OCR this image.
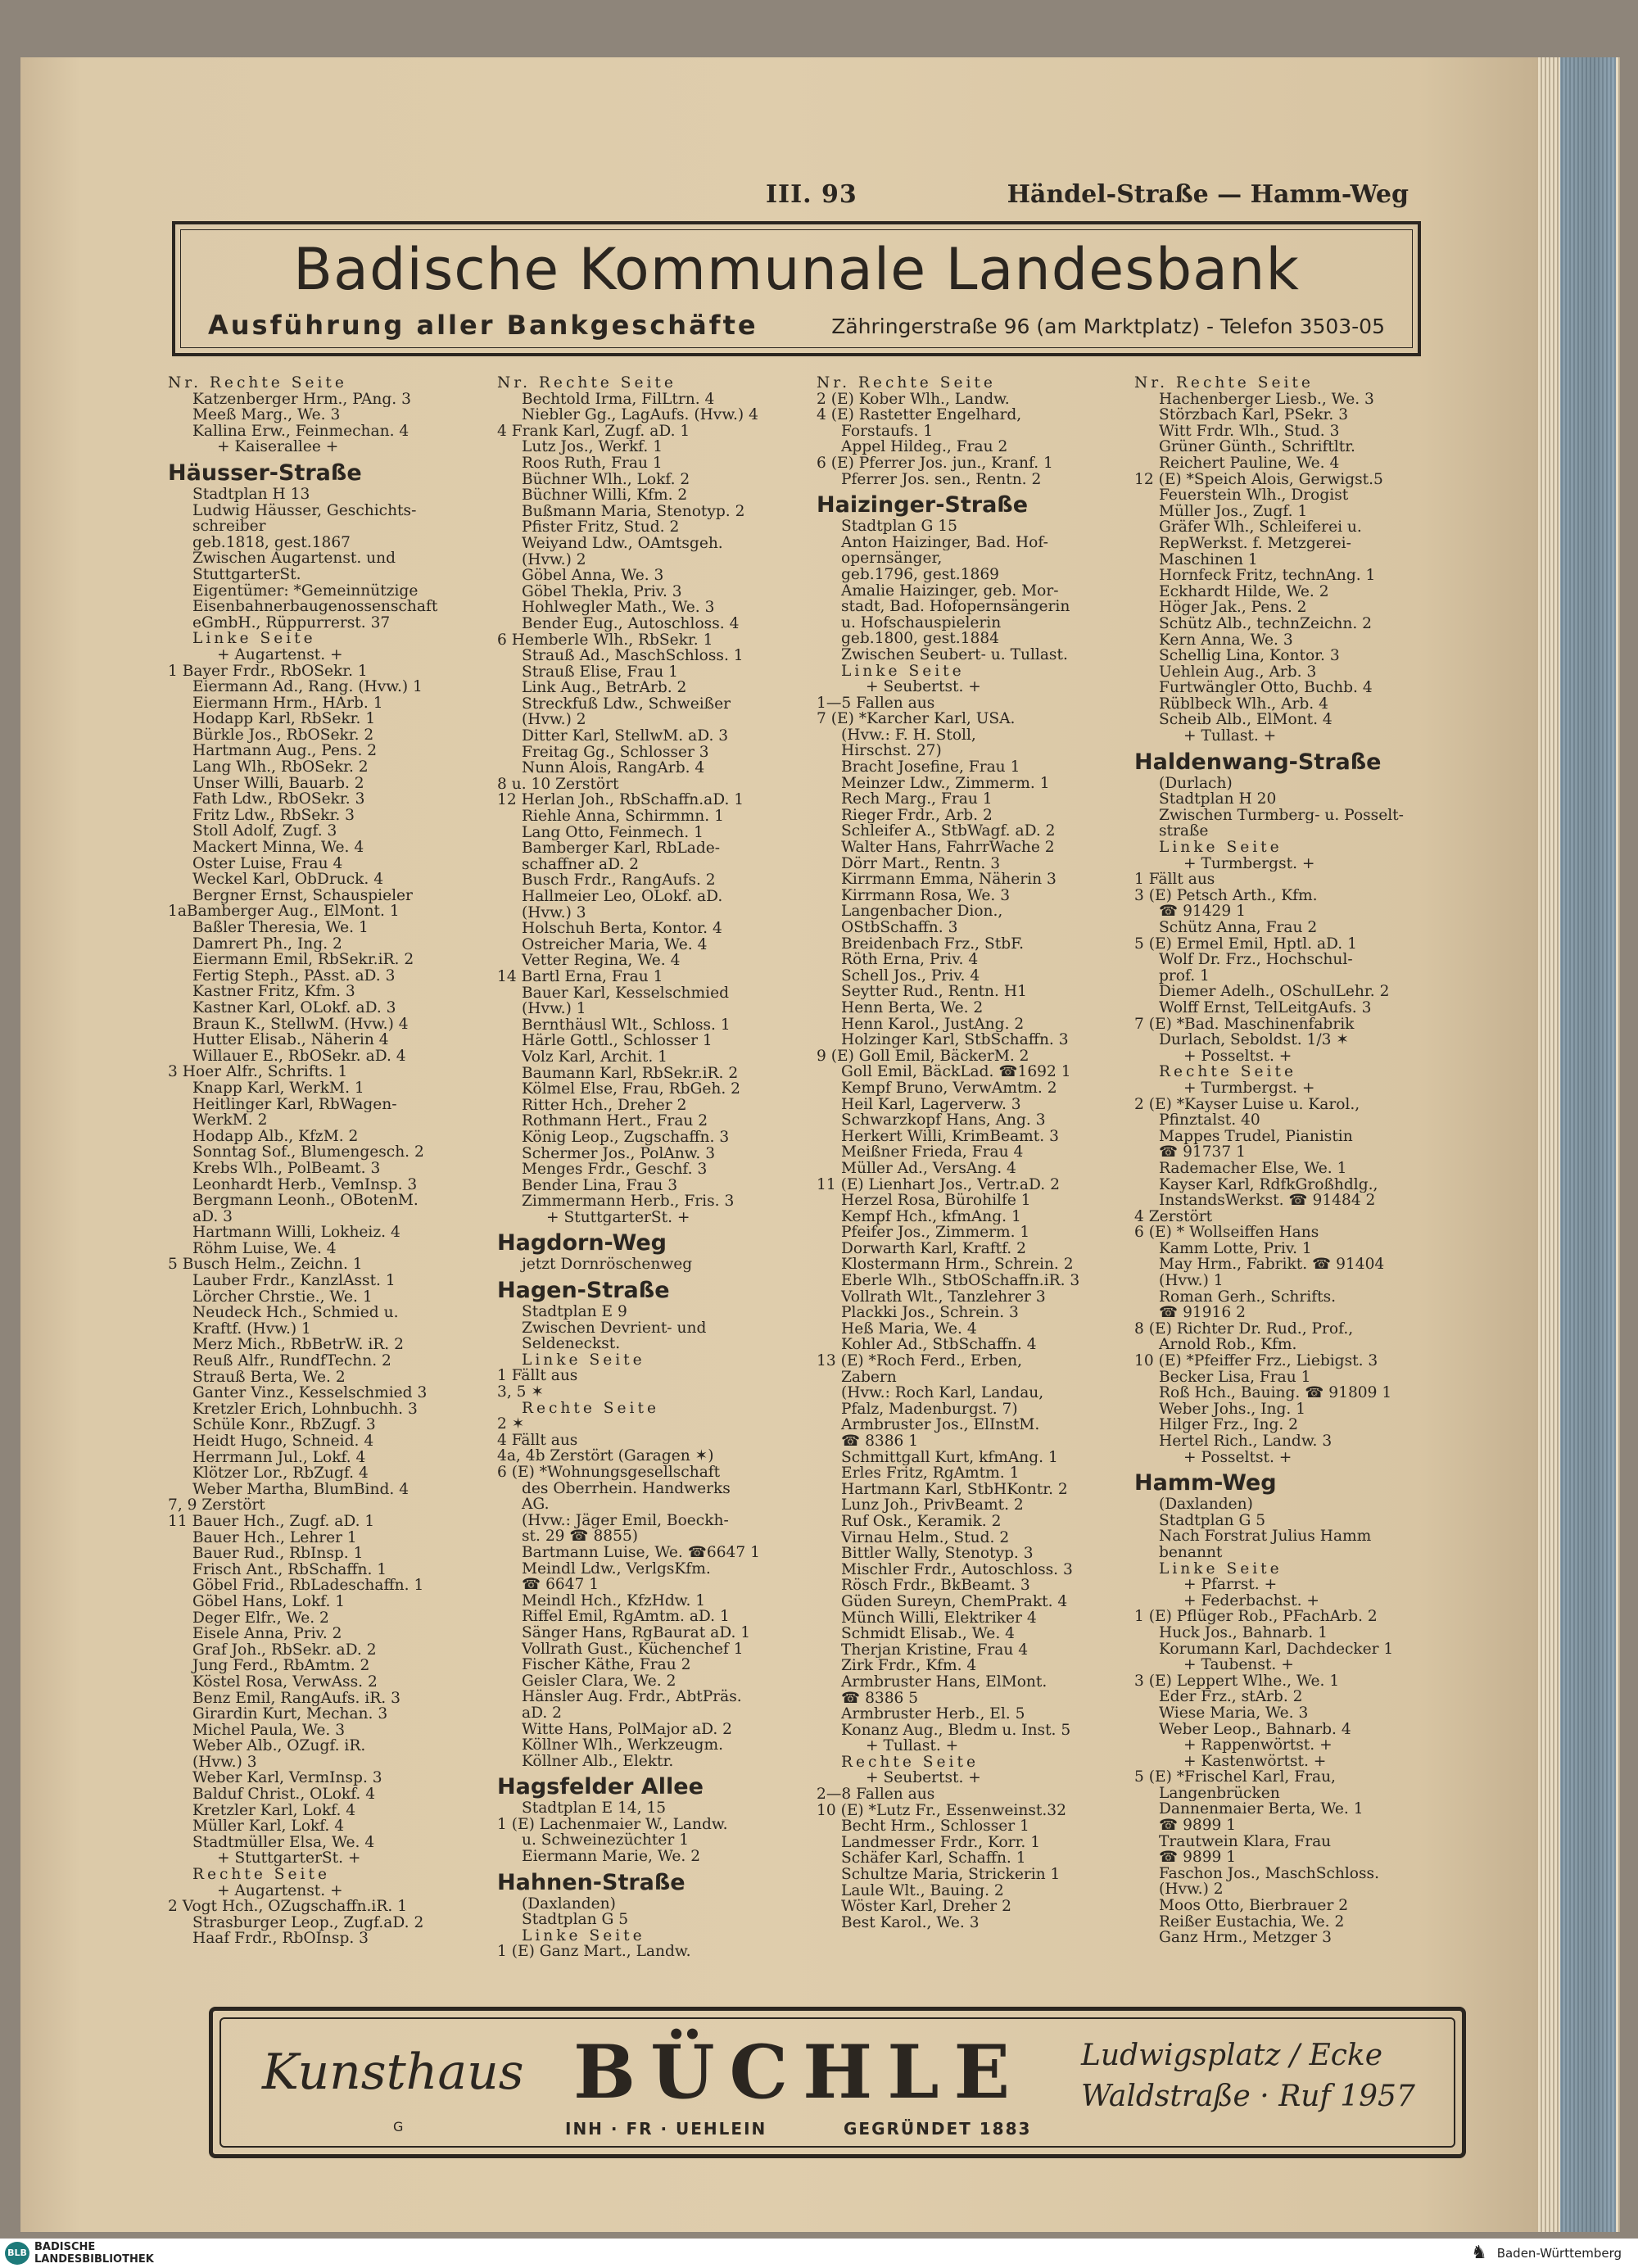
III. 93	Händel-Straße — Hamm-Weg
Badische Kommunale Landesbank
Ausführung aller Bankgeschäfte	Zähringerstraße 96 (am Marktplatz) - Telefon 3503-05
Nr. Rechte Seite
Katzenberger Hrm., PAng. 3
Meeß Marg., We. 3
Kallina Erw., Feinmechan. 4
+ Kaiserallee +
Häusser-Straße
Stadtplan H 13
Ludwig Häusser, Geschichts-
schreiber
geb.1818, gest.1867
Zwischen Augartenst. und
StuttgarterSt.
Eigentümer: *Gemeinnützige
Eisenbahnerbaugenossenschaft
eGmbH., Rüppurrerst. 37
Linke Seite
+ Augartenst. +
1 Bayer Frdr., RbOSekr. 1
Eiermann Ad., Rang. (Hvw.) 1
Eiermann Hrm., HArb. 1
Hodapp Karl, RbSekr. 1
Bürkle Jos., RbOSekr. 2
Hartmann Aug., Pens. 2
Lang Wlh., RbOSekr. 2
Unser Willi, Bauarb. 2
Fath Ldw., RbOSekr. 3
Fritz Ldw., RbSekr. 3
Stoll Adolf, Zugf. 3
Mackert Minna, We. 4
Oster Luise, Frau 4
Weckel Karl, ObDruck. 4
Bergner Ernst, Schauspieler
1aBamberger Aug., ElMont. 1
Baßler Theresia, We. 1
Damrert Ph., Ing. 2
Eiermann Emil, RbSekr.iR. 2
Fertig Steph., PAsst. aD. 3
Kastner Fritz, Kfm. 3
Kastner Karl, OLokf. aD. 3
Braun K., StellwM. (Hvw.) 4
Hutter Elisab., Näherin 4
Willauer E., RbOSekr. aD. 4
3 Hoer Alfr., Schrifts. 1
Knapp Karl, WerkM. 1
Heitlinger Karl, RbWagen-
WerkM. 2
Hodapp Alb., KfzM. 2
Sonntag Sof., Blumengesch. 2
Krebs Wlh., PolBeamt. 3
Leonhardt Herb., VemInsp. 3
Bergmann Leonh., OBotenM.
aD. 3
Hartmann Willi, Lokheiz. 4
Röhm Luise, We. 4
5 Busch Helm., Zeichn. 1
Lauber Frdr., KanzlAsst. 1
Lörcher Chrstie., We. 1
Neudeck Hch., Schmied u.
Kraftf. (Hvw.) 1
Merz Mich., RbBetrW. iR. 2
Reuß Alfr., RundfTechn. 2
Strauß Berta, We. 2
Ganter Vinz., Kesselschmied 3
Kretzler Erich, Lohnbuchh. 3
Schüle Konr., RbZugf. 3
Heidt Hugo, Schneid. 4
Herrmann Jul., Lokf. 4
Klötzer Lor., RbZugf. 4
Weber Martha, BlumBind. 4
7, 9 Zerstört
11 Bauer Hch., Zugf. aD. 1
Bauer Hch., Lehrer 1
Bauer Rud., RbInsp. 1
Frisch Ant., RbSchaffn. 1
Göbel Frid., RbLadeschaffn. 1
Göbel Hans, Lokf. 1
Deger Elfr., We. 2
Eisele Anna, Priv. 2
Graf Joh., RbSekr. aD. 2
Jung Ferd., RbAmtm. 2
Köstel Rosa, VerwAss. 2
Benz Emil, RangAufs. iR. 3
Girardin Kurt, Mechan. 3
Michel Paula, We. 3
Weber Alb., OZugf. iR.
(Hvw.) 3
Weber Karl, VermInsp. 3
Balduf Christ., OLokf. 4
Kretzler Karl, Lokf. 4
Müller Karl, Lokf. 4
Stadtmüller Elsa, We. 4
+ StuttgarterSt. +
Rechte Seite
+ Augartenst. +
2 Vogt Hch., OZugschaffn.iR. 1
Strasburger Leop., Zugf.aD. 2
Haaf Frdr., RbOInsp. 3
Nr. Rechte Seite
Bechtold Irma, FilLtrn. 4
Niebler Gg., LagAufs. (Hvw.) 4
4 Frank Karl, Zugf. aD. 1
Lutz Jos., Werkf. 1
Roos Ruth, Frau 1
Büchner Wlh., Lokf. 2
Büchner Willi, Kfm. 2
Bußmann Maria, Stenotyp. 2
Pfister Fritz, Stud. 2
Weiyand Ldw., OAmtsgeh.
(Hvw.) 2
Göbel Anna, We. 3
Göbel Thekla, Priv. 3
Hohlwegler Math., We. 3
Bender Eug., Autoschloss. 4
6 Hemberle Wlh., RbSekr. 1
Strauß Ad., MaschSchloss. 1
Strauß Elise, Frau 1
Link Aug., BetrArb. 2
Streckfuß Ldw., Schweißer
(Hvw.) 2
Ditter Karl, StellwM. aD. 3
Freitag Gg., Schlosser 3
Nunn Alois, RangArb. 4
8 u. 10 Zerstört
12 Herlan Joh., RbSchaffn.aD. 1
Riehle Anna, Schirmmn. 1
Lang Otto, Feinmech. 1
Bamberger Karl, RbLade-
schaffner aD. 2
Busch Frdr., RangAufs. 2
Hallmeier Leo, OLokf. aD.
(Hvw.) 3
Holschuh Berta, Kontor. 4
Östreicher Maria, We. 4
Vetter Regina, We. 4
14 Bartl Erna, Frau 1
Bauer Karl, Kesselschmied
(Hvw.) 1
Bernthäusl Wlt., Schloss. 1
Härle Gottl., Schlosser 1
Volz Karl, Archit. 1
Baumann Karl, RbSekr.iR. 2
Kölmel Else, Frau, RbGeh. 2
Ritter Hch., Dreher 2
Rothmann Hert., Frau 2
König Leop., Zugschaffn. 3
Schermer Jos., PolAnw. 3
Menges Frdr., Geschf. 3
Bender Lina, Frau 3
Zimmermann Herb., Fris. 3
+ StuttgarterSt. +
Hagdorn-Weg
jetzt Dornröschenweg
Hagen-Straße
Stadtplan E 9
Zwischen Devrient- und
Seldeneckst.
Linke Seite
1 Fällt aus
3, 5 ✶
Rechte Seite
2 ✶
4 Fällt aus
4a, 4b Zerstört (Garagen ✶)
6 (E) *Wohnungsgesellschaft
des Oberrhein. Handwerks
AG.
(Hvw.: Jäger Emil, Boeckh-
st. 29 ☎ 8855)
Bartmann Luise, We. ☎6647 1
Meindl Ldw., VerlgsKfm.
☎ 6647 1
Meindl Hch., KfzHdw. 1
Riffel Emil, RgAmtm. aD. 1
Sänger Hans, RgBaurat aD. 1
Vollrath Gust., Küchenchef 1
Fischer Käthe, Frau 2
Geisler Clara, We. 2
Hänsler Aug. Frdr., AbtPräs.
aD. 2
Witte Hans, PolMajor aD. 2
Köllner Wlh., Werkzeugm.
Köllner Alb., Elektr.
Hagsfelder Allee
Stadtplan E 14, 15
1 (E) Lachenmaier W., Landw.
u. Schweinezüchter 1
Eiermann Marie, We. 2
Hahnen-Straße
(Daxlanden)
Stadtplan G 5
Linke Seite
1 (E) Ganz Mart., Landw.
Nr. Rechte Seite
2 (E) Kober Wlh., Landw.
4 (E) Rastetter Engelhard,
Forstaufs. 1
Appel Hildeg., Frau 2
6 (E) Pferrer Jos. jun., Kranf. 1
Pferrer Jos. sen., Rentn. 2
Haizinger-Straße
Stadtplan G 15
Anton Haizinger, Bad. Hof-
opernsänger,
geb.1796, gest.1869
Amalie Haizinger, geb. Mor-
stadt, Bad. Hofopernsängerin
u. Hofschauspielerin
geb.1800, gest.1884
Zwischen Seubert- u. Tullast.
Linke Seite
+ Seubertst. +
1—5 Fallen aus
7 (E) *Karcher Karl, USA.
(Hvw.: F. H. Stoll,
Hirschst. 27)
Bracht Josefine, Frau 1
Meinzer Ldw., Zimmerm. 1
Rech Marg., Frau 1
Rieger Frdr., Arb. 2
Schleifer A., StbWagf. aD. 2
Walter Hans, FahrrWache 2
Dörr Mart., Rentn. 3
Kirrmann Emma, Näherin 3
Kirrmann Rosa, We. 3
Langenbacher Dion.,
OStbSchaffn. 3
Breidenbach Frz., StbF.
Röth Erna, Priv. 4
Schell Jos., Priv. 4
Seytter Rud., Rentn. H1
Henn Berta, We. 2
Henn Karol., JustAng. 2
Holzinger Karl, StbSchaffn. 3
9 (E) Goll Emil, BäckerM. 2
Goll Emil, BäckLad. ☎1692 1
Kempf Bruno, VerwAmtm. 2
Heil Karl, Lagerverw. 3
Schwarzkopf Hans, Ang. 3
Herkert Willi, KrimBeamt. 3
Meißner Frieda, Frau 4
Müller Ad., VersAng. 4
11 (E) Lienhart Jos., Vertr.aD. 2
Herzel Rosa, Bürohilfe 1
Kempf Hch., kfmAng. 1
Pfeifer Jos., Zimmerm. 1
Dorwarth Karl, Kraftf. 2
Klostermann Hrm., Schrein. 2
Eberle Wlh., StbOSchaffn.iR. 3
Vollrath Wlt., Tanzlehrer 3
Plackki Jos., Schrein. 3
Heß Maria, We. 4
Kohler Ad., StbSchaffn. 4
13 (E) *Roch Ferd., Erben,
Zabern
(Hvw.: Roch Karl, Landau,
Pfalz, Madenburgst. 7)
Armbruster Jos., ElInstM.
☎ 8386 1
Schmittgall Kurt, kfmAng. 1
Erles Fritz, RgAmtm. 1
Hartmann Karl, StbHKontr. 2
Lunz Joh., PrivBeamt. 2
Ruf Osk., Keramik. 2
Virnau Helm., Stud. 2
Bittler Wally, Stenotyp. 3
Mischler Frdr., Autoschloss. 3
Rösch Frdr., BkBeamt. 3
Güden Sureyn, ChemPrakt. 4
Münch Willi, Elektriker 4
Schmidt Elisab., We. 4
Therjan Kristine, Frau 4
Zirk Frdr., Kfm. 4
Armbruster Hans, ElMont.
☎ 8386 5
Armbruster Herb., El. 5
Konanz Aug., Bledm u. Inst. 5
+ Tullast. +
Rechte Seite
+ Seubertst. +
2—8 Fallen aus
10 (E) *Lutz Fr., Essenweinst.32
Becht Hrm., Schlosser 1
Landmesser Frdr., Korr. 1
Schäfer Karl, Schaffn. 1
Schultze Maria, Strickerin 1
Laule Wlt., Bauing. 2
Wöster Karl, Dreher 2
Best Karol., We. 3
Nr. Rechte Seite
Hachenberger Liesb., We. 3
Störzbach Karl, PSekr. 3
Witt Frdr. Wlh., Stud. 3
Grüner Günth., Schriftltr.
Reichert Pauline, We. 4
12 (E) *Speich Alois, Gerwigst.5
Feuerstein Wlh., Drogist
Müller Jos., Zugf. 1
Gräfer Wlh., Schleiferei u.
RepWerkst. f. Metzgerei-
Maschinen 1
Hornfeck Fritz, technAng. 1
Eckhardt Hilde, We. 2
Höger Jak., Pens. 2
Schütz Alb., technZeichn. 2
Kern Anna, We. 3
Schellig Lina, Kontor. 3
Uehlein Aug., Arb. 3
Furtwängler Otto, Buchb. 4
Rüblbeck Wlh., Arb. 4
Scheib Alb., ElMont. 4
+ Tullast. +
Haldenwang-Straße
(Durlach)
Stadtplan H 20
Zwischen Turmberg- u. Posselt-
straße
Linke Seite
+ Turmbergst. +
1 Fällt aus
3 (E) Petsch Arth., Kfm.
☎ 91429 1
Schütz Anna, Frau 2
5 (E) Ermel Emil, Hptl. aD. 1
Wolf Dr. Frz., Hochschul-
prof. 1
Diemer Adelh., OSchulLehr. 2
Wolff Ernst, TelLeitgAufs. 3
7 (E) *Bad. Maschinenfabrik
Durlach, Seboldst. 1/3 ✶
+ Posseltst. +
Rechte Seite
+ Turmbergst. +
2 (E) *Kayser Luise u. Karol.,
Pfinztalst. 40
Mappes Trudel, Pianistin
☎ 91737 1
Rademacher Else, We. 1
Kayser Karl, RdfkGroßhdlg.,
InstandsWerkst. ☎ 91484 2
4 Zerstört
6 (E) * Wollseiffen Hans
Kamm Lotte, Priv. 1
May Hrm., Fabrikt. ☎ 91404
(Hvw.) 1
Roman Gerh., Schrifts.
☎ 91916 2
8 (E) Richter Dr. Rud., Prof.,
Arnold Rob., Kfm.
10 (E) *Pfeiffer Frz., Liebigst. 3
Becker Lisa, Frau 1
Roß Hch., Bauing. ☎ 91809 1
Weber Johs., Ing. 1
Hilger Frz., Ing. 2
Hertel Rich., Landw. 3
+ Posseltst. +
Hamm-Weg
(Daxlanden)
Stadtplan G 5
Nach Forstrat Julius Hamm
benannt
Linke Seite
+ Pfarrst. +
+ Federbachst. +
1 (E) Pflüger Rob., PFachArb. 2
Huck Jos., Bahnarb. 1
Korumann Karl, Dachdecker 1
+ Taubenst. +
3 (E) Leppert Wlhe., We. 1
Eder Frz., stArb. 2
Wiese Maria, We. 3
Weber Leop., Bahnarb. 4
+ Rappenwörtst. +
+ Kastenwörtst. +
5 (E) *Frischel Karl, Frau,
Langenbrücken
Dannenmaier Berta, We. 1
☎ 9899 1
Trautwein Klara, Frau
☎ 9899 1
Faschon Jos., MaschSchloss.
(Hvw.) 2
Moos Otto, Bierbrauer 2
Reißer Eustachia, We. 2
Ganz Hrm., Metzger 3
Kunsthaus BÜCHLE
G	INH · FR · UEHLEIN	GEGRÜNDET 1883
Ludwigsplatz / Ecke
Waldstraße · Ruf 1957
BLB BADISCHE
LANDESBIBLIOTHEK	♞ Baden-Württemberg
